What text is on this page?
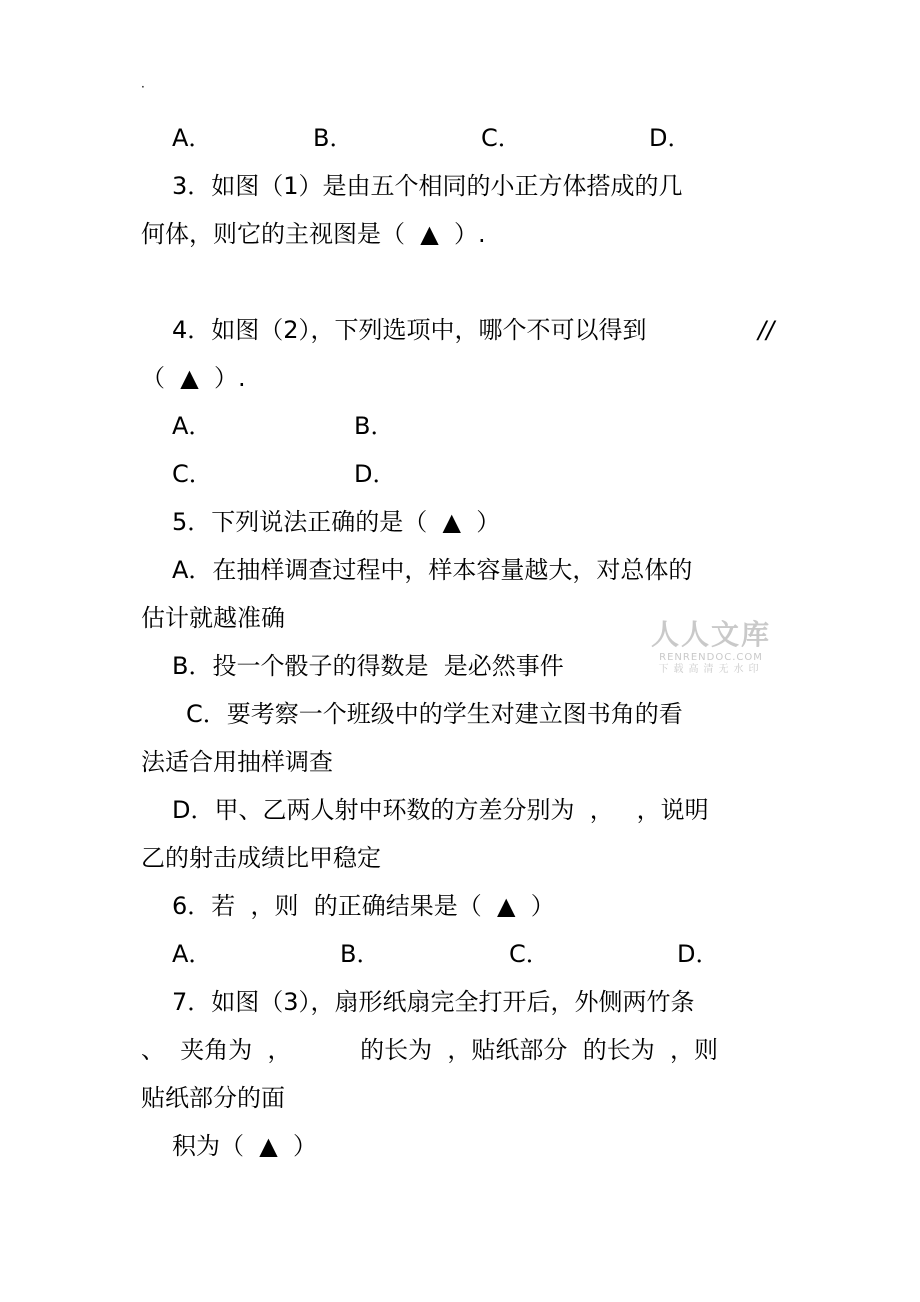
·
A．	B．	C．	D．
3．如图（1）是由五个相同的小正方体搭成的几
何体，则它的主视图是（  ▲  ）.
4．如图（2），下列选项中，哪个不可以得到	//
（  ▲  ）.
A．	B．
C．	D．
5．下列说法正确的是（  ▲  ）
A．在抽样调查过程中，样本容量越大，对总体的
估计就越准确
B．投一个骰子的得数是  是必然事件
C．要考察一个班级中的学生对建立图书角的看
法适合用抽样调查
D．甲、乙两人射中环数的方差分别为  ，   ，说明
乙的射击成绩比甲稳定
6．若  ，则  的正确结果是（  ▲  ）
A．	B．	C．	D．
7．如图（3），扇形纸扇完全打开后，外侧两竹条
、  夹角为  ，         的长为  ，贴纸部分  的长为  ，则
贴纸部分的面
积为（  ▲  ）
人人文库
RENRENDOC.COM
下载高清无水印
